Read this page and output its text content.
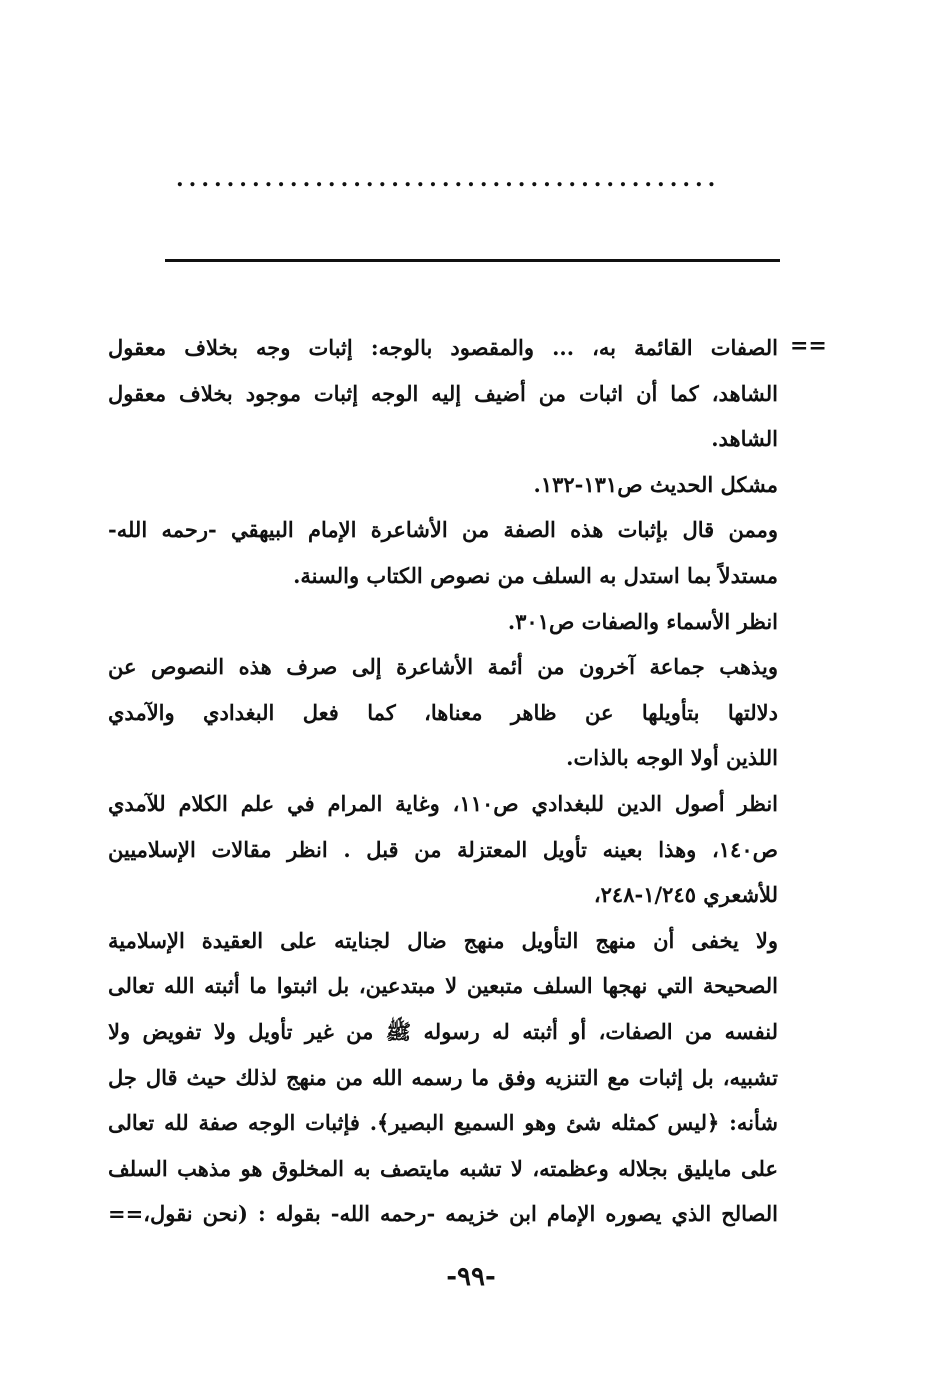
...........................................
==
الصفات القائمة به، ... والمقصود بالوجه: إثبات وجه بخلاف معقول
الشاهد، كما أن اثبات من أضيف إليه الوجه إثبات موجود بخلاف معقول
الشاهد.
مشكل الحديث ص١٣١-١٣٢.
وممن قال بإثبات هذه الصفة من الأشاعرة الإمام البيهقي -رحمه الله-
مستدلاً بما استدل به السلف من نصوص الكتاب والسنة.
انظر الأسماء والصفات ص٣٠١.
ويذهب جماعة آخرون من أئمة الأشاعرة إلى صرف هذه النصوص عن
دلالتها بتأويلها عن ظاهر معناها، كما فعل البغدادي والآمدي
اللذين أولا الوجه بالذات.
انظر أصول الدين للبغدادي ص١١٠، وغاية المرام في علم الكلام للآمدي
ص١٤٠، وهذا بعينه تأويل المعتزلة من قبل . انظر مقالات الإسلاميين
للأشعري ١/٢٤٥-٢٤٨،
ولا يخفى أن منهج التأويل منهج ضال لجنايته على العقيدة الإسلامية
الصحيحة التي نهجها السلف متبعين لا مبتدعين، بل اثبتوا ما أثبته الله تعالى
لنفسه من الصفات، أو أثبته له رسوله ﷺ من غير تأويل ولا تفويض ولا
تشبيه، بل إثبات مع التنزيه وفق ما رسمه الله من منهج لذلك حيث قال جل
شأنه: ﴿ليس كمثله شئ وهو السميع البصير﴾. فإثبات الوجه صفة لله تعالى
على مايليق بجلاله وعظمته، لا تشبه مايتصف به المخلوق هو مذهب السلف
الصالح الذي يصوره الإمام ابن خزيمه -رحمه الله- بقوله : (نحن نقول،==
-٩٩-
